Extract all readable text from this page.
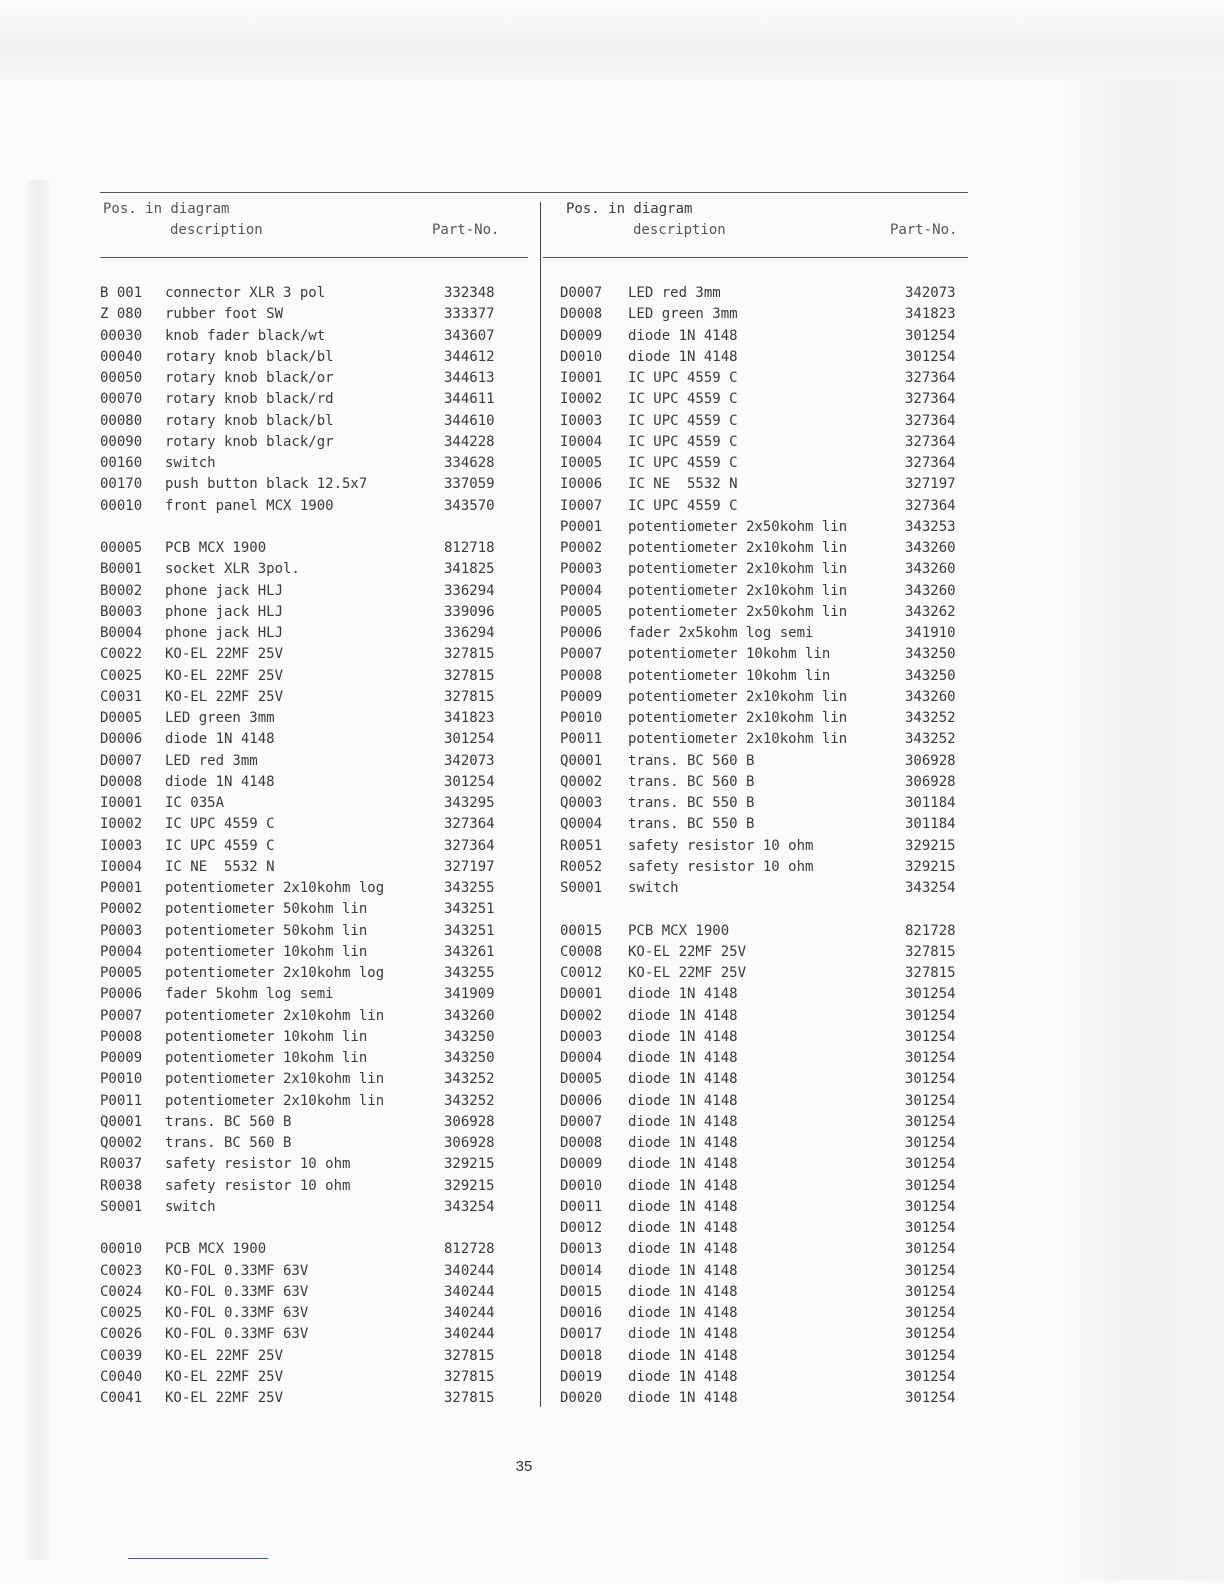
Pos. in diagram
description	Part-No.
Pos. in diagram
description	Part-No.
B 001 connector XLR 3 pol	332348
Z 080 rubber foot SW	333377
00030 knob fader black/wt	343607
00040 rotary knob black/bl	344612
00050 rotary knob black/or	344613
00070 rotary knob black/rd	344611
00080 rotary knob black/bl	344610
00090 rotary knob black/gr	344228
00160 switch	334628
00170 push button black 12.5x7	337059
00010 front panel MCX 1900	343570
00005 PCB MCX 1900	812718
B0001 socket XLR 3pol.	341825
B0002 phone jack HLJ	336294
B0003 phone jack HLJ	339096
B0004 phone jack HLJ	336294
C0022 KO-EL 22MF 25V	327815
C0025 KO-EL 22MF 25V	327815
C0031 KO-EL 22MF 25V	327815
D0005 LED green 3mm	341823
D0006 diode 1N 4148	301254
D0007 LED red 3mm	342073
D0008 diode 1N 4148	301254
I0001 IC 035A	343295
I0002 IC UPC 4559 C	327364
I0003 IC UPC 4559 C	327364
I0004 IC NE  5532 N	327197
P0001 potentiometer 2x10kohm log	343255
P0002 potentiometer 50kohm lin	343251
P0003 potentiometer 50kohm lin	343251
P0004 potentiometer 10kohm lin	343261
P0005 potentiometer 2x10kohm log	343255
P0006 fader 5kohm log semi	341909
P0007 potentiometer 2x10kohm lin	343260
P0008 potentiometer 10kohm lin	343250
P0009 potentiometer 10kohm lin	343250
P0010 potentiometer 2x10kohm lin	343252
P0011 potentiometer 2x10kohm lin	343252
Q0001 trans. BC 560 B	306928
Q0002 trans. BC 560 B	306928
R0037 safety resistor 10 ohm	329215
R0038 safety resistor 10 ohm	329215
S0001 switch	343254
00010 PCB MCX 1900	812728
C0023 KO-FOL 0.33MF 63V	340244
C0024 KO-FOL 0.33MF 63V	340244
C0025 KO-FOL 0.33MF 63V	340244
C0026 KO-FOL 0.33MF 63V	340244
C0039 KO-EL 22MF 25V	327815
C0040 KO-EL 22MF 25V	327815
C0041 KO-EL 22MF 25V	327815
D0007 LED red 3mm	342073
D0008 LED green 3mm	341823
D0009 diode 1N 4148	301254
D0010 diode 1N 4148	301254
I0001 IC UPC 4559 C	327364
I0002 IC UPC 4559 C	327364
I0003 IC UPC 4559 C	327364
I0004 IC UPC 4559 C	327364
I0005 IC UPC 4559 C	327364
I0006 IC NE  5532 N	327197
I0007 IC UPC 4559 C	327364
P0001 potentiometer 2x50kohm lin	343253
P0002 potentiometer 2x10kohm lin	343260
P0003 potentiometer 2x10kohm lin	343260
P0004 potentiometer 2x10kohm lin	343260
P0005 potentiometer 2x50kohm lin	343262
P0006 fader 2x5kohm log semi	341910
P0007 potentiometer 10kohm lin	343250
P0008 potentiometer 10kohm lin	343250
P0009 potentiometer 2x10kohm lin	343260
P0010 potentiometer 2x10kohm lin	343252
P0011 potentiometer 2x10kohm lin	343252
Q0001 trans. BC 560 B	306928
Q0002 trans. BC 560 B	306928
Q0003 trans. BC 550 B	301184
Q0004 trans. BC 550 B	301184
R0051 safety resistor 10 ohm	329215
R0052 safety resistor 10 ohm	329215
S0001 switch	343254
00015 PCB MCX 1900	821728
C0008 KO-EL 22MF 25V	327815
C0012 KO-EL 22MF 25V	327815
D0001 diode 1N 4148	301254
D0002 diode 1N 4148	301254
D0003 diode 1N 4148	301254
D0004 diode 1N 4148	301254
D0005 diode 1N 4148	301254
D0006 diode 1N 4148	301254
D0007 diode 1N 4148	301254
D0008 diode 1N 4148	301254
D0009 diode 1N 4148	301254
D0010 diode 1N 4148	301254
D0011 diode 1N 4148	301254
D0012 diode 1N 4148	301254
D0013 diode 1N 4148	301254
D0014 diode 1N 4148	301254
D0015 diode 1N 4148	301254
D0016 diode 1N 4148	301254
D0017 diode 1N 4148	301254
D0018 diode 1N 4148	301254
D0019 diode 1N 4148	301254
D0020 diode 1N 4148	301254
35
